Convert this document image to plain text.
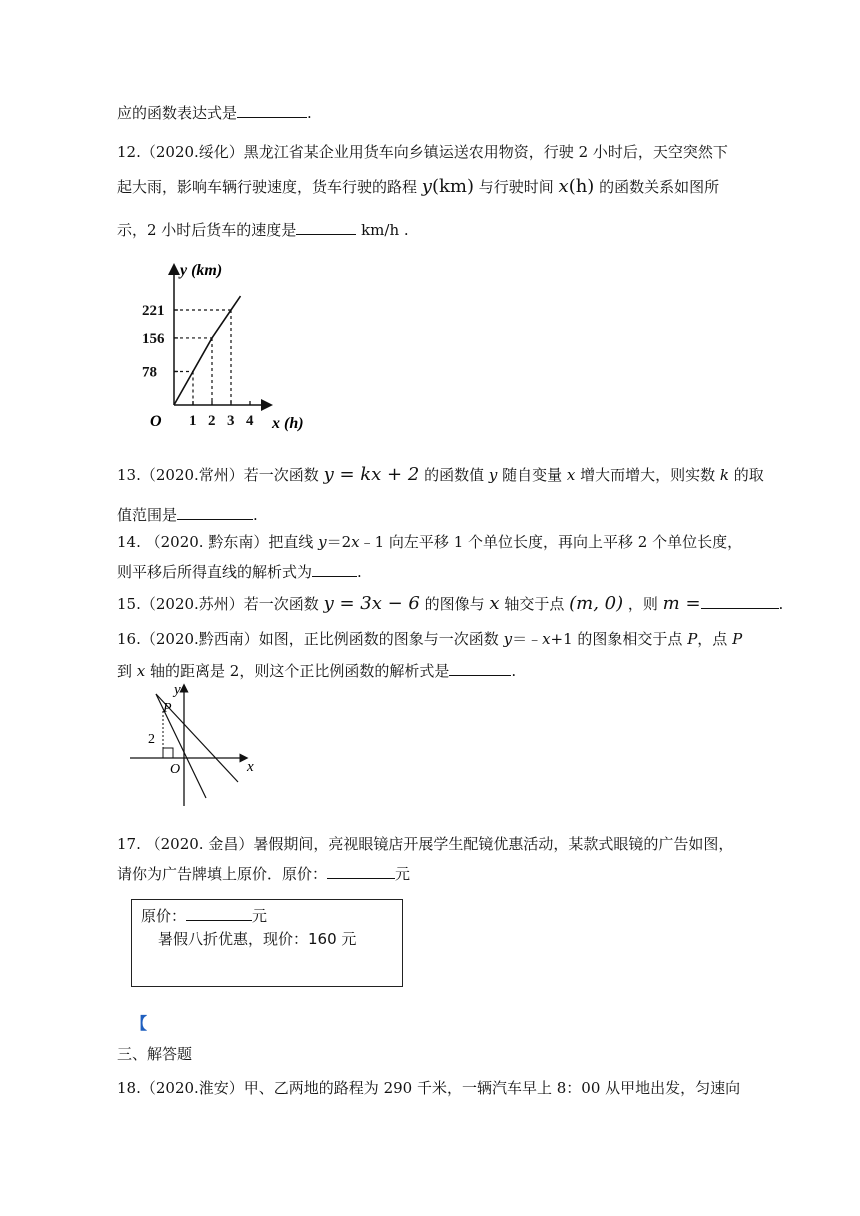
应的函数表达式是	.
12.（2020.绥化）黑龙江省某企业用货车向乡镇运送农用物资，行驶 2 小时后，天空突然下
起大雨，影响车辆行驶速度，货车行驶的路程 y(km) 与行驶时间 x(h) 的函数关系如图所
示，2 小时后货车的速度是	km/h .
1 2 3 4
78
156
221
y (km)
x (h)
O
13.（2020.常州）若一次函数 y = kx + 2 的函数值 y 随自变量 x 增大而增大，则实数 k 的取
值范围是	.
14. （2020. 黔东南）把直线 y＝2x﹣1 向左平移 1 个单位长度，再向上平移 2 个单位长度，
则平移后所得直线的解析式为	.
15.（2020.苏州）若一次函数 y = 3x − 6 的图像与 x 轴交于点 (m, 0) ，则 m =	.
16.（2020.黔西南）如图，正比例函数的图象与一次函数 y＝﹣x+1 的图象相交于点 P，点 P
到 x 轴的距离是 2，则这个正比例函数的解析式是	.
y
x
P
O
2
17. （2020. 金昌）暑假期间，亮视眼镜店开展学生配镜优惠活动，某款式眼镜的广告如图，
请你为广告牌填上原价．原价：	元
原价：	元
暑假八折优惠，现价：160 元
【
三、解答题
18.（2020.淮安）甲、乙两地的路程为 290 千米，一辆汽车早上 8：00 从甲地出发，匀速向
